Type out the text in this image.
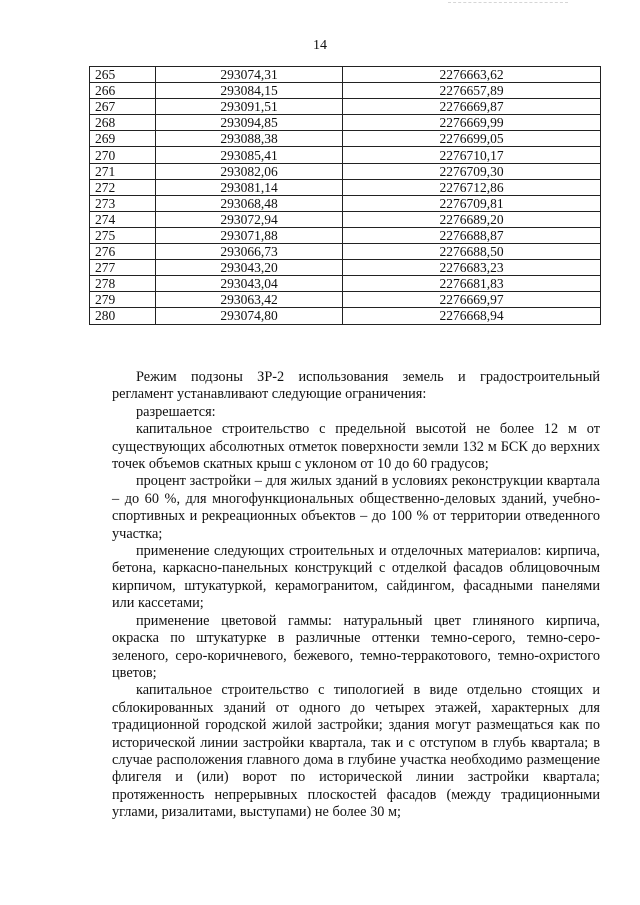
14
265	293074,31	2276663,62
266	293084,15	2276657,89
267	293091,51	2276669,87
268	293094,85	2276669,99
269	293088,38	2276699,05
270	293085,41	2276710,17
271	293082,06	2276709,30
272	293081,14	2276712,86
273	293068,48	2276709,81
274	293072,94	2276689,20
275	293071,88	2276688,87
276	293066,73	2276688,50
277	293043,20	2276683,23
278	293043,04	2276681,83
279	293063,42	2276669,97
280	293074,80	2276668,94

Режим подзоны ЗР-2 использования земель и градостроительный регламент устанавливают следующие ограничения:

разрешается:

капитальное строительство с предельной высотой не более 12 м от существующих абсолютных отметок поверхности земли 132 м БСК до верхних точек объемов скатных крыш с уклоном от 10 до 60 градусов;

процент застройки – для жилых зданий в условиях реконструкции квартала – до 60 %, для многофункциональных общественно-деловых зданий, учебно-спортивных и рекреационных объектов – до 100 % от территории отведенного участка;

применение следующих строительных и отделочных материалов: кирпича, бетона, каркасно-панельных конструкций с отделкой фасадов облицовочным кирпичом, штукатуркой, керамогранитом, сайдингом, фасадными панелями или кассетами;

применение цветовой гаммы: натуральный цвет глиняного кирпича, окраска по штукатурке в различные оттенки темно-серого, темно-серо-зеленого, серо-коричневого, бежевого, темно-терракотового, темно-охристого цветов;

капитальное строительство с типологией в виде отдельно стоящих и сблокированных зданий от одного до четырех этажей, характерных для традиционной городской жилой застройки; здания могут размещаться как по исторической линии застройки квартала, так и с отступом в глубь квартала; в случае расположения главного дома в глубине участка необходимо размещение флигеля и (или) ворот по исторической линии застройки квартала; протяженность непрерывных плоскостей фасадов (между традиционными углами, ризалитами, выступами) не более 30 м;
